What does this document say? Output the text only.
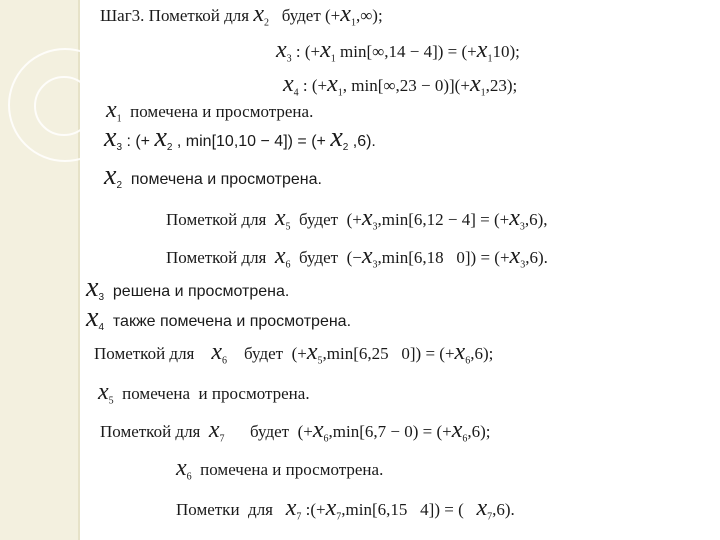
Шаг3. Пометкой для $x_2$   будет $(+x_1,\infty)$;
$x_3$ : ($+x_1$ $\min[\infty,14 - 4]) = (+x_110)$;
$x_4$ : ($+x_1$, $\min[\infty,23 - 0)](+x_1,23)$;
$x_1$  помечена и просмотрена.
$x_3$ : (+ $x_2$ , min[10,10 − 4]) = (+ $x_2$ ,6).
$x_2$  помечена и просмотрена.
Пометкой для  $x_5$  будет  ($+x_3,\min[6,12 - 4] = (+x_3,6)$,
Пометкой для  $x_6$  будет  ($-x_3,\min[6,18$   $0]) = (+x_3,6)$.
$x_3$  решена и просмотрена.
$x_4$  также помечена и просмотрена.
Пометкой для    $x_6$    будет  ($+x_5,\min[6,25$   $0]) = (+x_6,6)$;
$x_5$  помечена  и просмотрена.
Пометкой для  $x_7$      будет  ($+x_6,\min[6,7 - 0) = (+x_6,6)$;
$x_6$  помечена и просмотрена.
Пометки  для   $x_7$ $:(+x_7,\min[6,15$   4]) = (   $x_7,6$).
